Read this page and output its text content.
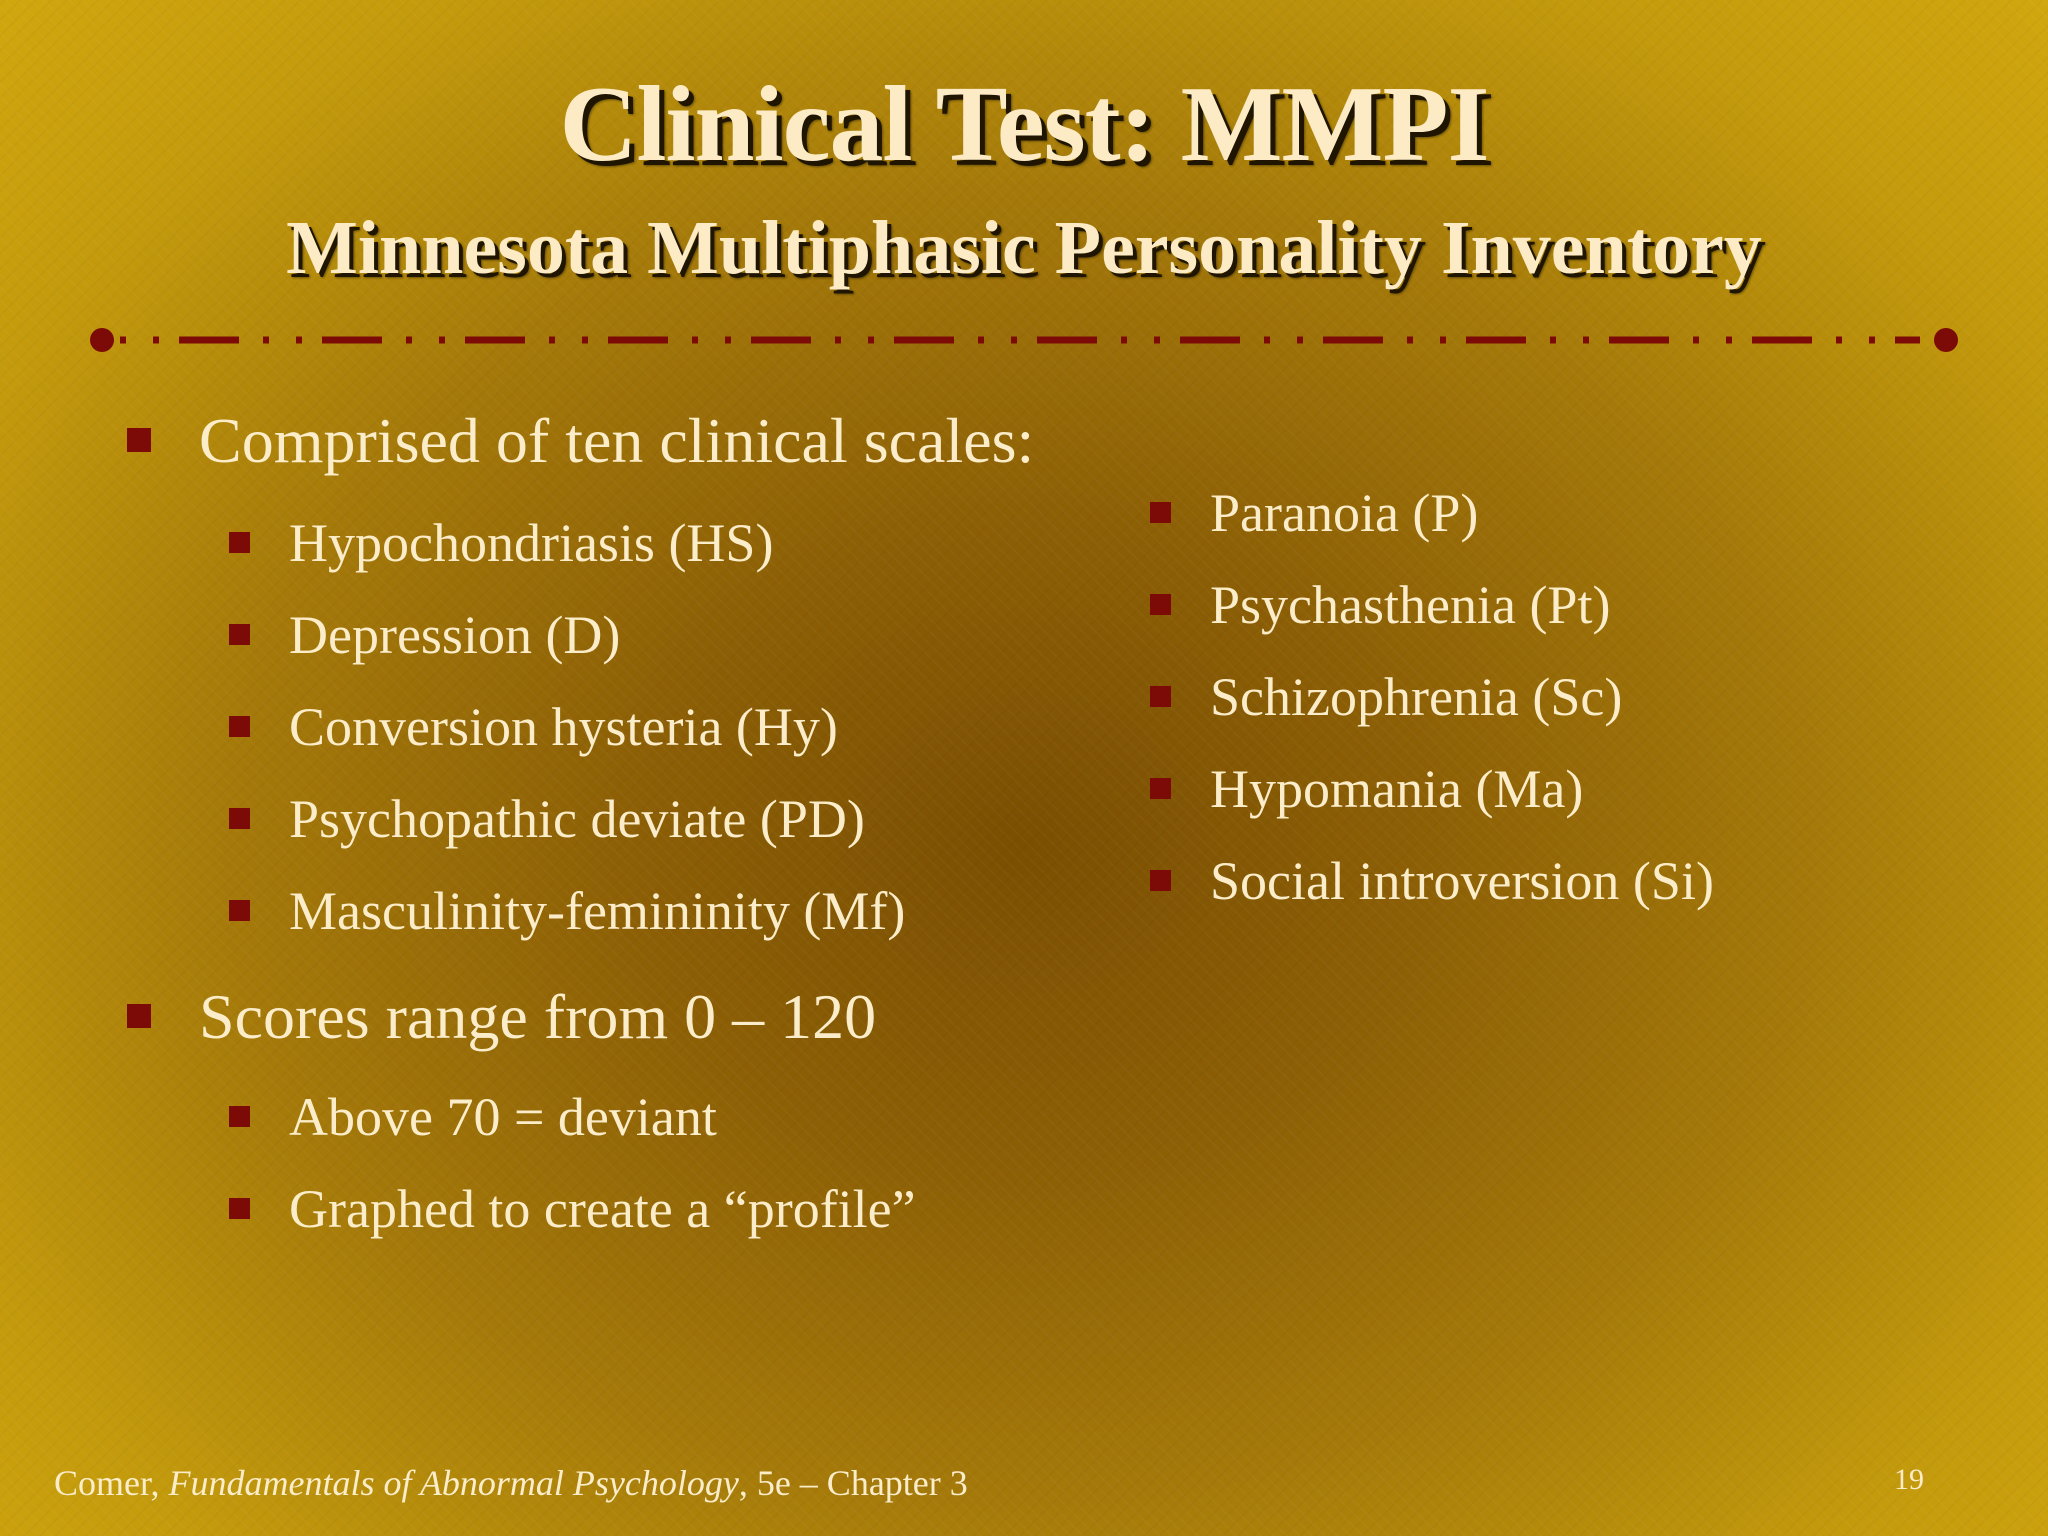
Clinical Test: MMPI
Minnesota Multiphasic Personality Inventory
Comprised of ten clinical scales:
Hypochondriasis (HS)
Depression (D)
Conversion hysteria (Hy)
Psychopathic deviate (PD)
Masculinity-femininity (Mf)
Paranoia (P)
Psychasthenia (Pt)
Schizophrenia (Sc)
Hypomania (Ma)
Social introversion (Si)
Scores range from 0 – 120
Above 70 = deviant
Graphed to create a “profile”
Comer, Fundamentals of Abnormal Psychology, 5e – Chapter 3	19
